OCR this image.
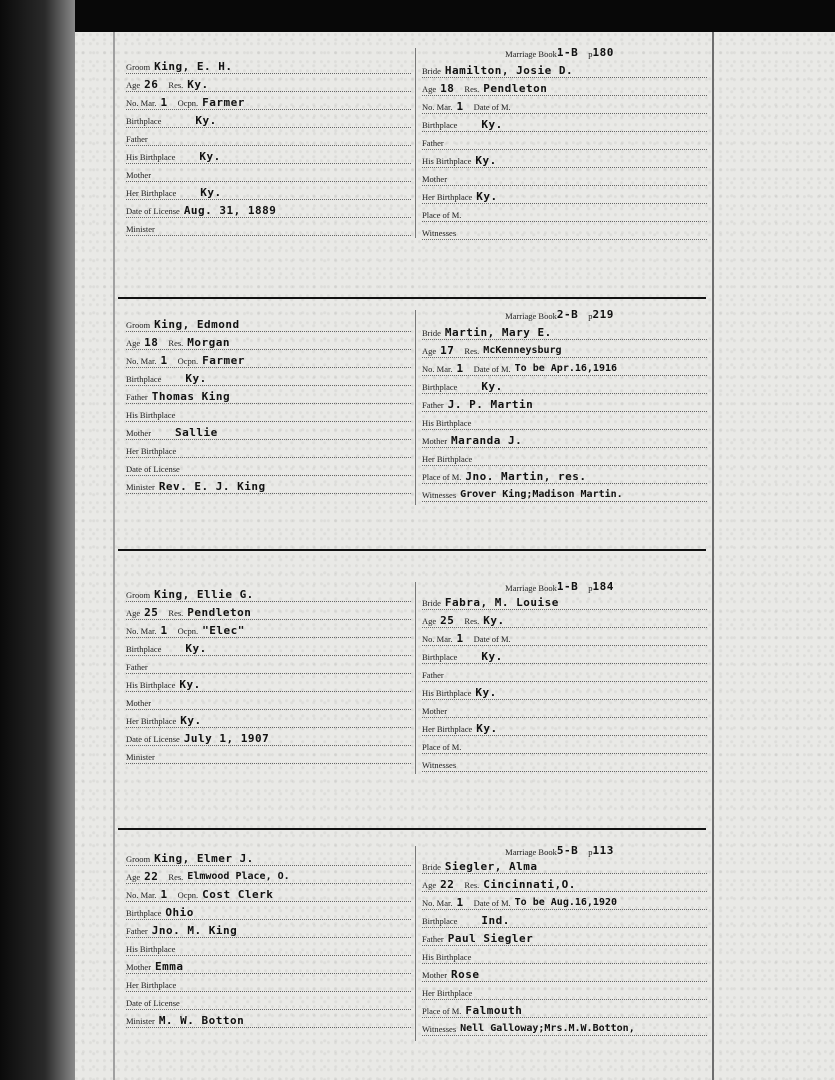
Groom King, E. H.
Age 26 Res. Ky.
No. Mar. 1 Ocpn. Farmer
Birthplace	Ky.
Father
His Birthplace Ky.
Mother
Her Birthplace Ky.
Date of License Aug. 31, 1889
Minister
Marriage Book 1-B p 180
Bride Hamilton, Josie D.
Age 18 Res. Pendleton
No. Mar. 1 Date of M.
Birthplace Ky.
Father
His Birthplace Ky.
Mother
Her Birthplace Ky.
Place of M.
Witnesses
Groom King, Edmond
Age 18 Res. Morgan
No. Mar. 1 Ocpn. Farmer
Birthplace Ky.
Father Thomas King
His Birthplace
Mother Sallie
Her Birthplace
Date of License
Minister Rev. E. J. King
Marriage Book 2-B p 219
Bride Martin, Mary E.
Age 17 Res. McKenneysburg
No. Mar. 1 Date of M. To be Apr.16,1916
Birthplace Ky.
Father J. P. Martin
His Birthplace
Mother Maranda J.
Her Birthplace
Place of M. Jno. Martin, res.
Witnesses Grover King;Madison Martin.
Groom King, Ellie G.
Age 25 Res. Pendleton
No. Mar. 1 Ocpn. "Elec"
Birthplace Ky.
Father
His Birthplace Ky.
Mother
Her Birthplace Ky.
Date of License July 1, 1907
Minister
Marriage Book 1-B p 184
Bride Fabra, M. Louise
Age 25 Res. Ky.
No. Mar. 1 Date of M.
Birthplace Ky.
Father
His Birthplace Ky.
Mother
Her Birthplace Ky.
Place of M.
Witnesses
Groom King, Elmer J.
Age 22 Res. Elmwood Place, O.
No. Mar. 1 Ocpn. Cost Clerk
Birthplace Ohio
Father Jno. M. King
His Birthplace
Mother Emma
Her Birthplace
Date of License
Minister M. W. Botton
Marriage Book 5-B p 113
Bride Siegler, Alma
Age 22 Res. Cincinnati,O.
No. Mar. 1 Date of M. To be Aug.16,1920
Birthplace Ind.
Father Paul Siegler
His Birthplace
Mother Rose
Her Birthplace
Place of M. Falmouth
Witnesses Nell Galloway;Mrs.M.W.Botton,
